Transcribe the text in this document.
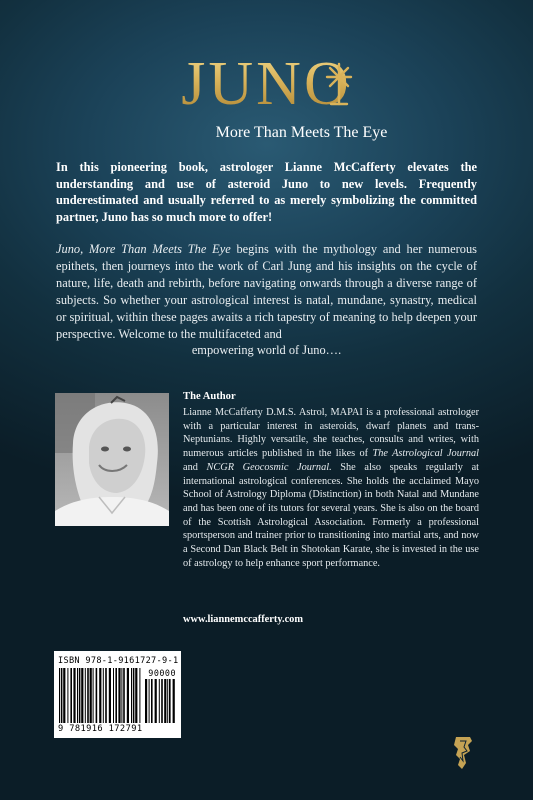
JUNO
More Than Meets The Eye

In this pioneering book, astrologer Lianne McCafferty elevates the understanding and use of asteroid Juno to new levels. Frequently underestimated and usually referred to as merely symbolizing the committed partner, Juno has so much more to offer!

Juno, More Than Meets The Eye begins with the mythology and her numerous epithets, then journeys into the work of Carl Jung and his insights on the cycle of nature, life, death and rebirth, before navigating onwards through a diverse range of subjects. So whether your astrological interest is natal, mundane, synastry, medical or spiritual, within these pages awaits a rich tapestry of meaning to help deepen your perspective. Welcome to the multifaceted and
empowering world of Juno….

The Author

Lianne McCafferty D.M.S. Astrol, MAPAI is a professional astrologer with a particular interest in asteroids, dwarf planets and trans-Neptunians. Highly versatile, she teaches, consults and writes, with numerous articles published in the likes of The Astrological Journal and NCGR Geocosmic Journal. She also speaks regularly at international astrological conferences. She holds the acclaimed Mayo School of Astrology Diploma (Distinction) in both Natal and Mundane and has been one of its tutors for several years. She is also on the board of the Scottish Astrological Association. Formerly a professional sportsperson and trainer prior to transitioning into martial arts, and now a Second Dan Black Belt in Shotokan Karate, she is invested in the use of astrology to help enhance sport performance.

www.liannemccafferty.com
ISBN 978-1-9161727-9-1
90000
9 781916 172791
